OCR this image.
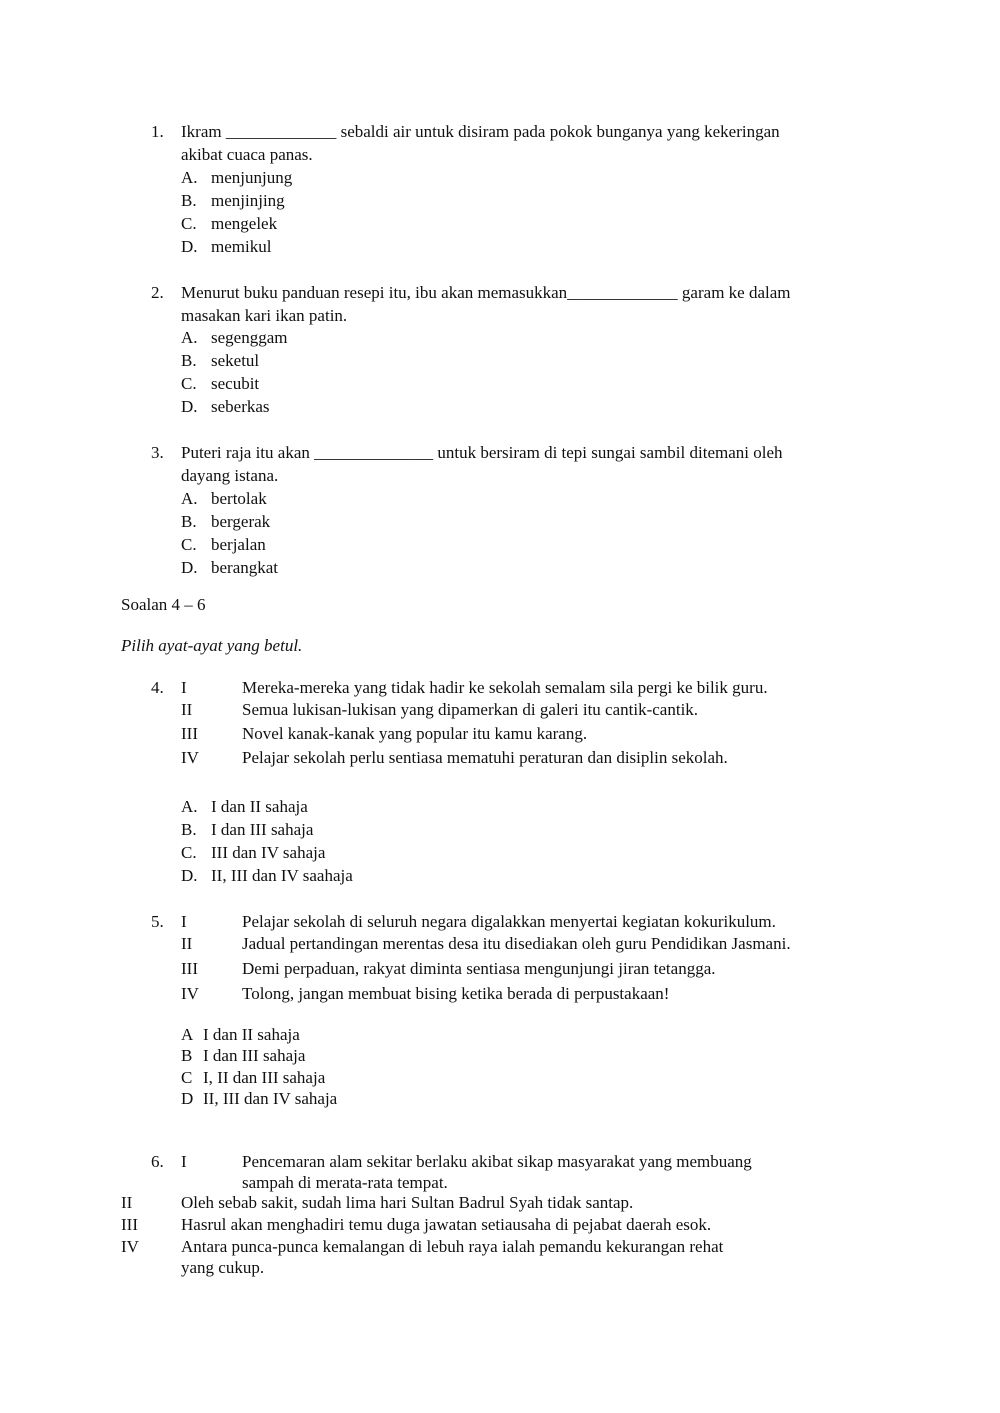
1. Ikram _____________ sebaldi air untuk disiram pada pokok bunganya yang kekeringan
akibat cuaca panas.
A. menjunjung
B. menjinjing
C. mengelek
D. memikul
2. Menurut buku panduan resepi itu, ibu akan memasukkan_____________ garam ke dalam
masakan kari ikan patin.
A. segenggam
B. seketul
C. secubit
D. seberkas
3. Puteri raja itu akan ______________ untuk bersiram di tepi sungai sambil ditemani oleh
dayang istana.
A. bertolak
B. bergerak
C. berjalan
D. berangkat
Soalan 4 – 6
Pilih ayat-ayat yang betul.
4. I	Mereka-mereka yang tidak hadir ke sekolah semalam sila pergi ke bilik guru.
II	Semua lukisan-lukisan yang dipamerkan di galeri itu cantik-cantik.
III	Novel kanak-kanak yang popular itu kamu karang.
IV	Pelajar sekolah perlu sentiasa mematuhi peraturan dan disiplin sekolah.
A. I dan II sahaja
B. I dan III sahaja
C. III dan IV sahaja
D. II, III dan IV saahaja
5. I	Pelajar sekolah di seluruh negara digalakkan menyertai kegiatan kokurikulum.
II	Jadual pertandingan merentas desa itu disediakan oleh guru Pendidikan Jasmani.
III	Demi perpaduan, rakyat diminta sentiasa mengunjungi jiran tetangga.
IV	Tolong, jangan membuat bising ketika berada di perpustakaan!
A I dan II sahaja
B I dan III sahaja
C I, II dan III sahaja
D II, III dan IV sahaja
6. I	Pencemaran alam sekitar berlaku akibat sikap masyarakat yang membuang
sampah di merata-rata tempat.
II	Oleh sebab sakit, sudah lima hari Sultan Badrul Syah tidak santap.
III	Hasrul akan menghadiri temu duga jawatan setiausaha di pejabat daerah esok.
IV Antara punca-punca kemalangan di lebuh raya ialah pemandu kekurangan rehat
yang cukup.
